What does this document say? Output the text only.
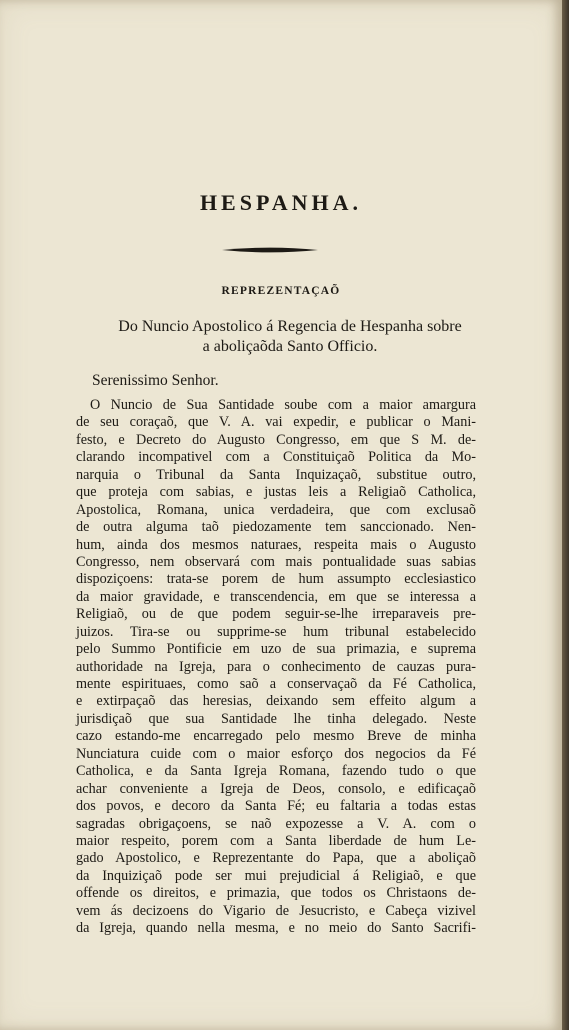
HESPANHA.
REPREZENTAÇAÕ
Do Nuncio Apostolico á Regencia de Hespanha sobre
a aboliçaõda Santo Officio.
Serenissimo Senhor.
O Nuncio de Sua Santidade soube com a maior amargura
de seu coraçaõ, que V. A. vai expedir, e publicar o Mani-
festo, e Decreto do Augusto Congresso, em que S M. de-
clarando incompativel com a Constituiçaõ Politica da Mo-
narquia o Tribunal da Santa Inquizaçaõ, substitue outro,
que proteja com sabias, e justas leis a Religiaõ Catholica,
Apostolica, Romana, unica verdadeira, que com exclusaõ
de outra alguma taõ piedozamente tem sanccionado. Nen-
hum, ainda dos mesmos naturaes, respeita mais o Augusto
Congresso, nem observará com mais pontualidade suas sabias
dispoziçoens: trata-se porem de hum assumpto ecclesiastico
da maior gravidade, e transcendencia, em que se interessa a
Religiaõ, ou de que podem seguir-se-lhe irreparaveis pre-
juizos. Tira-se ou supprime-se hum tribunal estabelecido
pelo Summo Pontificie em uzo de sua primazia, e suprema
authoridade na Igreja, para o conhecimento de cauzas pura-
mente espirituaes, como saõ a conservaçaõ da Fé Catholica,
e extirpaçaõ das heresias, deixando sem effeito algum a
jurisdiçaõ que sua Santidade lhe tinha delegado. Neste
cazo estando-me encarregado pelo mesmo Breve de minha
Nunciatura cuide com o maior esforço dos negocios da Fé
Catholica, e da Santa Igreja Romana, fazendo tudo o que
achar conveniente a Igreja de Deos, consolo, e edificaçaõ
dos povos, e decoro da Santa Fé; eu faltaria a todas estas
sagradas obrigaçoens, se naõ expozesse a V. A. com o
maior respeito, porem com a Santa liberdade de hum Le-
gado Apostolico, e Reprezentante do Papa, que a aboliçaõ
da Inquiziçaõ pode ser mui prejudicial á Religiaõ, e que
offende os direitos, e primazia, que todos os Christaons de-
vem ás decizoens do Vigario de Jesucristo, e Cabeça vizivel
da Igreja, quando nella mesma, e no meio do Santo Sacrifi-
